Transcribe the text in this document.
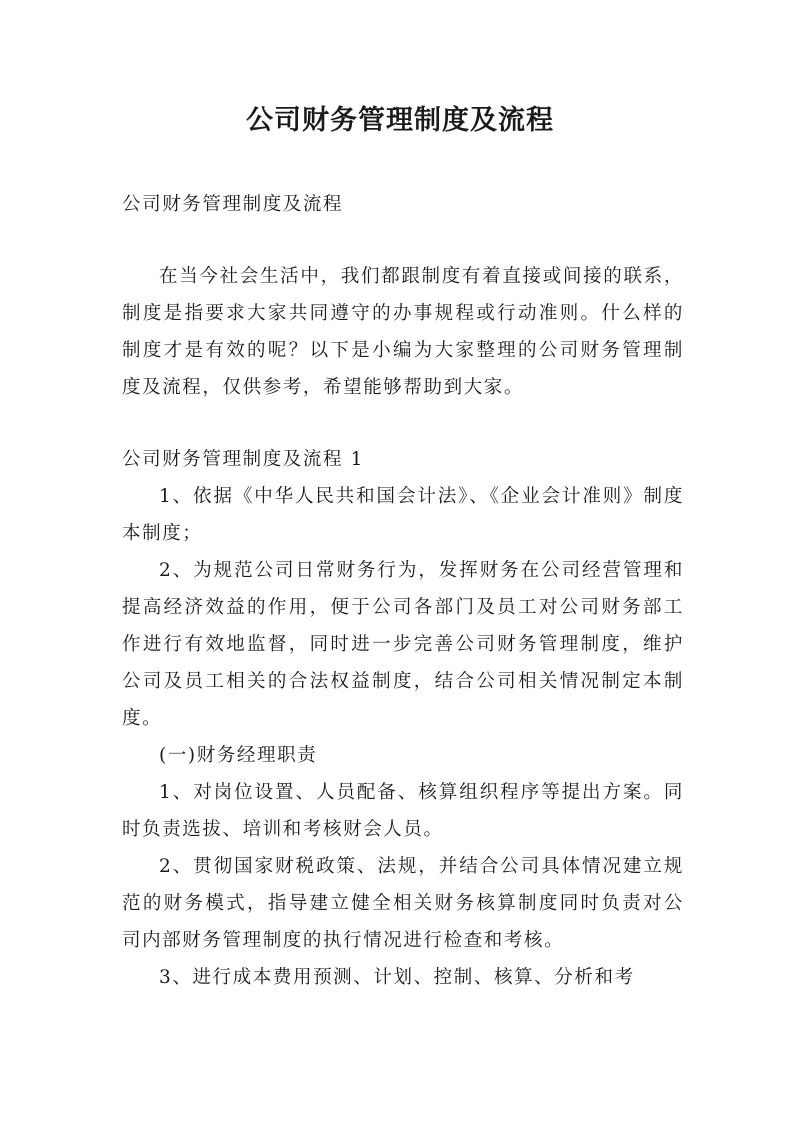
公司财务管理制度及流程

公司财务管理制度及流程

在当今社会生活中，我们都跟制度有着直接或间接的联系，制度是指要求大家共同遵守的办事规程或行动准则。什么样的制度才是有效的呢？以下是小编为大家整理的公司财务管理制度及流程，仅供参考，希望能够帮助到大家。

公司财务管理制度及流程 1

1、依据《中华人民共和国会计法》、《企业会计准则》制度本制度；

2、为规范公司日常财务行为，发挥财务在公司经营管理和提高经济效益的作用，便于公司各部门及员工对公司财务部工作进行有效地监督，同时进一步完善公司财务管理制度，维护公司及员工相关的合法权益制度，结合公司相关情况制定本制度。

(一)财务经理职责

1、对岗位设置、人员配备、核算组织程序等提出方案。同时负责选拔、培训和考核财会人员。

2、贯彻国家财税政策、法规，并结合公司具体情况建立规范的财务模式，指导建立健全相关财务核算制度同时负责对公司内部财务管理制度的执行情况进行检查和考核。

3、进行成本费用预测、计划、控制、核算、分析和考
